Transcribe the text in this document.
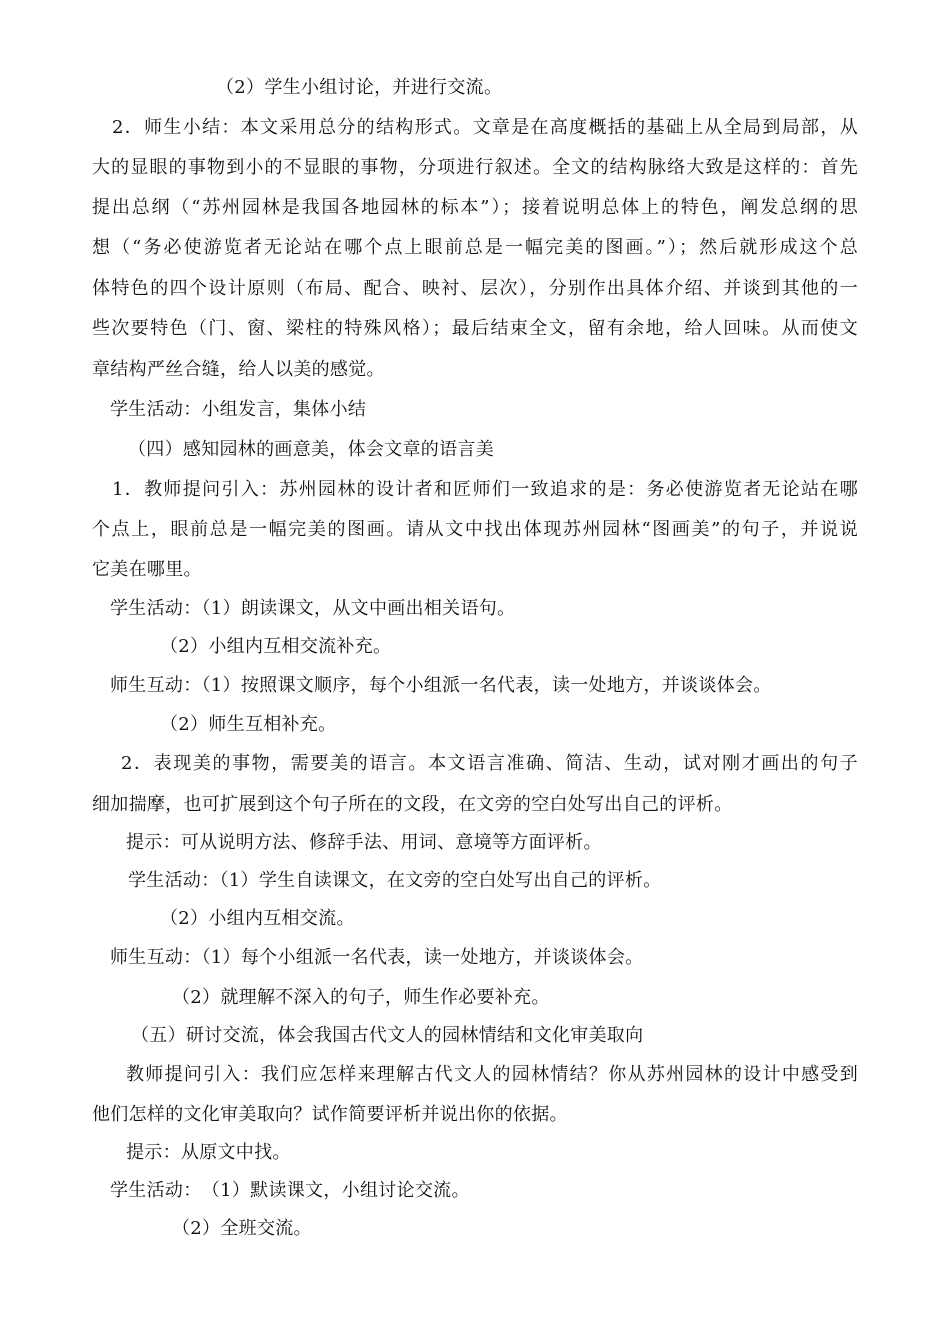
（2）学生小组讨论，并进行交流。
2．师生小结：本文采用总分的结构形式。文章是在高度概括的基础上从全局到局部，从
大的显眼的事物到小的不显眼的事物，分项进行叙述。全文的结构脉络大致是这样的：首先
提出总纲（“苏州园林是我国各地园林的标本”）；接着说明总体上的特色，阐发总纲的思
想（“务必使游览者无论站在哪个点上眼前总是一幅完美的图画。”）；然后就形成这个总
体特色的四个设计原则（布局、配合、映衬、层次），分别作出具体介绍、并谈到其他的一
些次要特色（门、窗、梁柱的特殊风格）；最后结束全文，留有余地，给人回味。从而使文
章结构严丝合缝，给人以美的感觉。
学生活动：小组发言，集体小结
（四）感知园林的画意美，体会文章的语言美
1．教师提问引入：苏州园林的设计者和匠师们一致追求的是：务必使游览者无论站在哪
个点上，眼前总是一幅完美的图画。请从文中找出体现苏州园林“图画美”的句子，并说说
它美在哪里。
学生活动：（1）朗读课文，从文中画出相关语句。
（2）小组内互相交流补充。
师生互动：（1）按照课文顺序，每个小组派一名代表，读一处地方，并谈谈体会。
（2）师生互相补充。
2．表现美的事物，需要美的语言。本文语言准确、简洁、生动，试对刚才画出的句子
细加揣摩，也可扩展到这个句子所在的文段，在文旁的空白处写出自己的评析。
提示：可从说明方法、修辞手法、用词、意境等方面评析。
学生活动：（1）学生自读课文，在文旁的空白处写出自己的评析。
（2）小组内互相交流。
师生互动：（1）每个小组派一名代表，读一处地方，并谈谈体会。
（2）就理解不深入的句子，师生作必要补充。
（五）研讨交流，体会我国古代文人的园林情结和文化审美取向
教师提问引入：我们应怎样来理解古代文人的园林情结？你从苏州园林的设计中感受到
他们怎样的文化审美取向？试作简要评析并说出你的依据。
提示：从原文中找。
学生活动：　（1）默读课文，小组讨论交流。
（2）全班交流。
